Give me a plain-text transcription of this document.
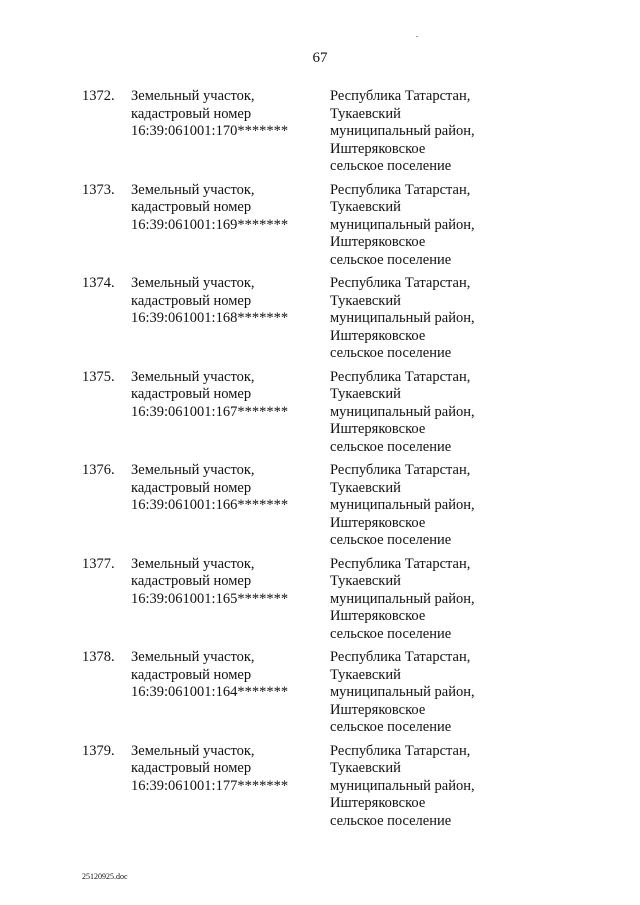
67
1372. Земельный участок,
кадастровый номер
16:39:061001:170*******
Республика Татарстан,
Тукаевский
муниципальный район,
Иштеряковское
сельское поселение
1373. Земельный участок,
кадастровый номер
16:39:061001:169*******
Республика Татарстан,
Тукаевский
муниципальный район,
Иштеряковское
сельское поселение
1374. Земельный участок,
кадастровый номер
16:39:061001:168*******
Республика Татарстан,
Тукаевский
муниципальный район,
Иштеряковское
сельское поселение
1375. Земельный участок,
кадастровый номер
16:39:061001:167*******
Республика Татарстан,
Тукаевский
муниципальный район,
Иштеряковское
сельское поселение
1376. Земельный участок,
кадастровый номер
16:39:061001:166*******
Республика Татарстан,
Тукаевский
муниципальный район,
Иштеряковское
сельское поселение
1377. Земельный участок,
кадастровый номер
16:39:061001:165*******
Республика Татарстан,
Тукаевский
муниципальный район,
Иштеряковское
сельское поселение
1378. Земельный участок,
кадастровый номер
16:39:061001:164*******
Республика Татарстан,
Тукаевский
муниципальный район,
Иштеряковское
сельское поселение
1379. Земельный участок,
кадастровый номер
16:39:061001:177*******
Республика Татарстан,
Тукаевский
муниципальный район,
Иштеряковское
сельское поселение
25120925.doc
